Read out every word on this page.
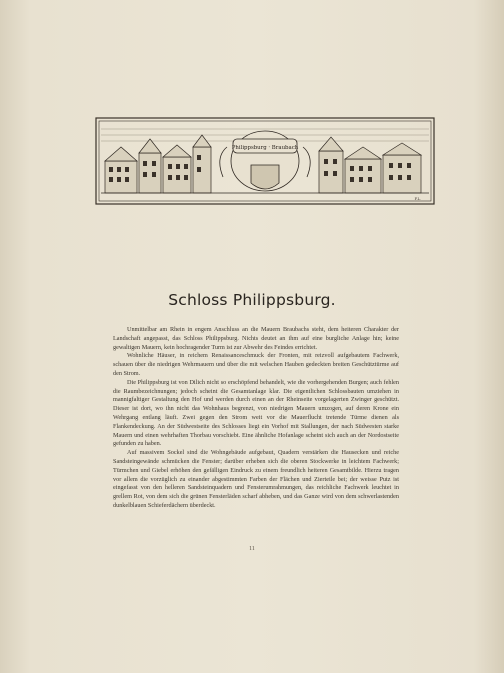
Philippsburg · Braubach
F.L.
Schloss Philippsburg.

Unmittelbar am Rhein in engem Anschluss an die Mauern Braubachs steht, dem heiteren Charakter der Landschaft angepasst, das Schloss Philippsburg. Nichts deutet an ihm auf eine burgliche Anlage hin; keine gewaltigen Mauern, kein hochragender Turm ist zur Abwehr des Feindes errichtet.

Wohnliche Häuser, in reichem Renaissanceschmuck der Fronten, mit reizvoll aufgebautem Fachwerk, schauen über die niedrigen Wehrmauern und über die mit welschen Hauben gedeckten breiten Geschütztürme auf den Strom.

Die Philippsburg ist von Dilich nicht so erschöpfend behandelt, wie die vorhergehenden Burgen; auch fehlen die Raumbezeichnungen; jedoch scheint die Gesamtanlage klar. Die eigentlichen Schlossbauten umziehen in mannigfaltiger Gestaltung den Hof und werden durch einen an der Rheinseite vorgelagerten Zwinger geschützt. Dieser ist dort, wo ihn nicht das Wohnhaus begrenzt, von niedrigen Mauern umzogen, auf deren Krone ein Wehrgang entlang läuft. Zwei gegen den Strom weit vor die Mauerflucht tretende Türme dienen als Flankendeckung. An der Südwestseite des Schlosses liegt ein Vorhof mit Stallungen, der nach Südwesten starke Mauern und einen wehrhaften Thorbau vorschiebt. Eine ähnliche Hofanlage scheint sich auch an der Nordostseite gefunden zu haben.

Auf massivem Sockel sind die Wohngebäude aufgebaut, Quadern verstärken die Hausecken und reiche Sandsteingewände schmücken die Fenster; darüber erheben sich die oberen Stockwerke in leichtem Fachwerk; Türmchen und Giebel erhöhen den gefälligen Eindruck zu einem freundlich heiteren Gesamtbilde. Hierzu tragen vor allem die vorzüglich zu einander abgestimmten Farben der Flächen und Zierteile bei; der weisse Putz ist eingefasst von den helleren Sandsteinquadern und Fensterumrahmungen, das reichliche Fachwerk leuchtet in grellem Rot, von dem sich die grünen Fensterläden scharf abheben, und das Ganze wird von dem schwerlastenden dunkelblauen Schieferdächern überdeckt.

11
